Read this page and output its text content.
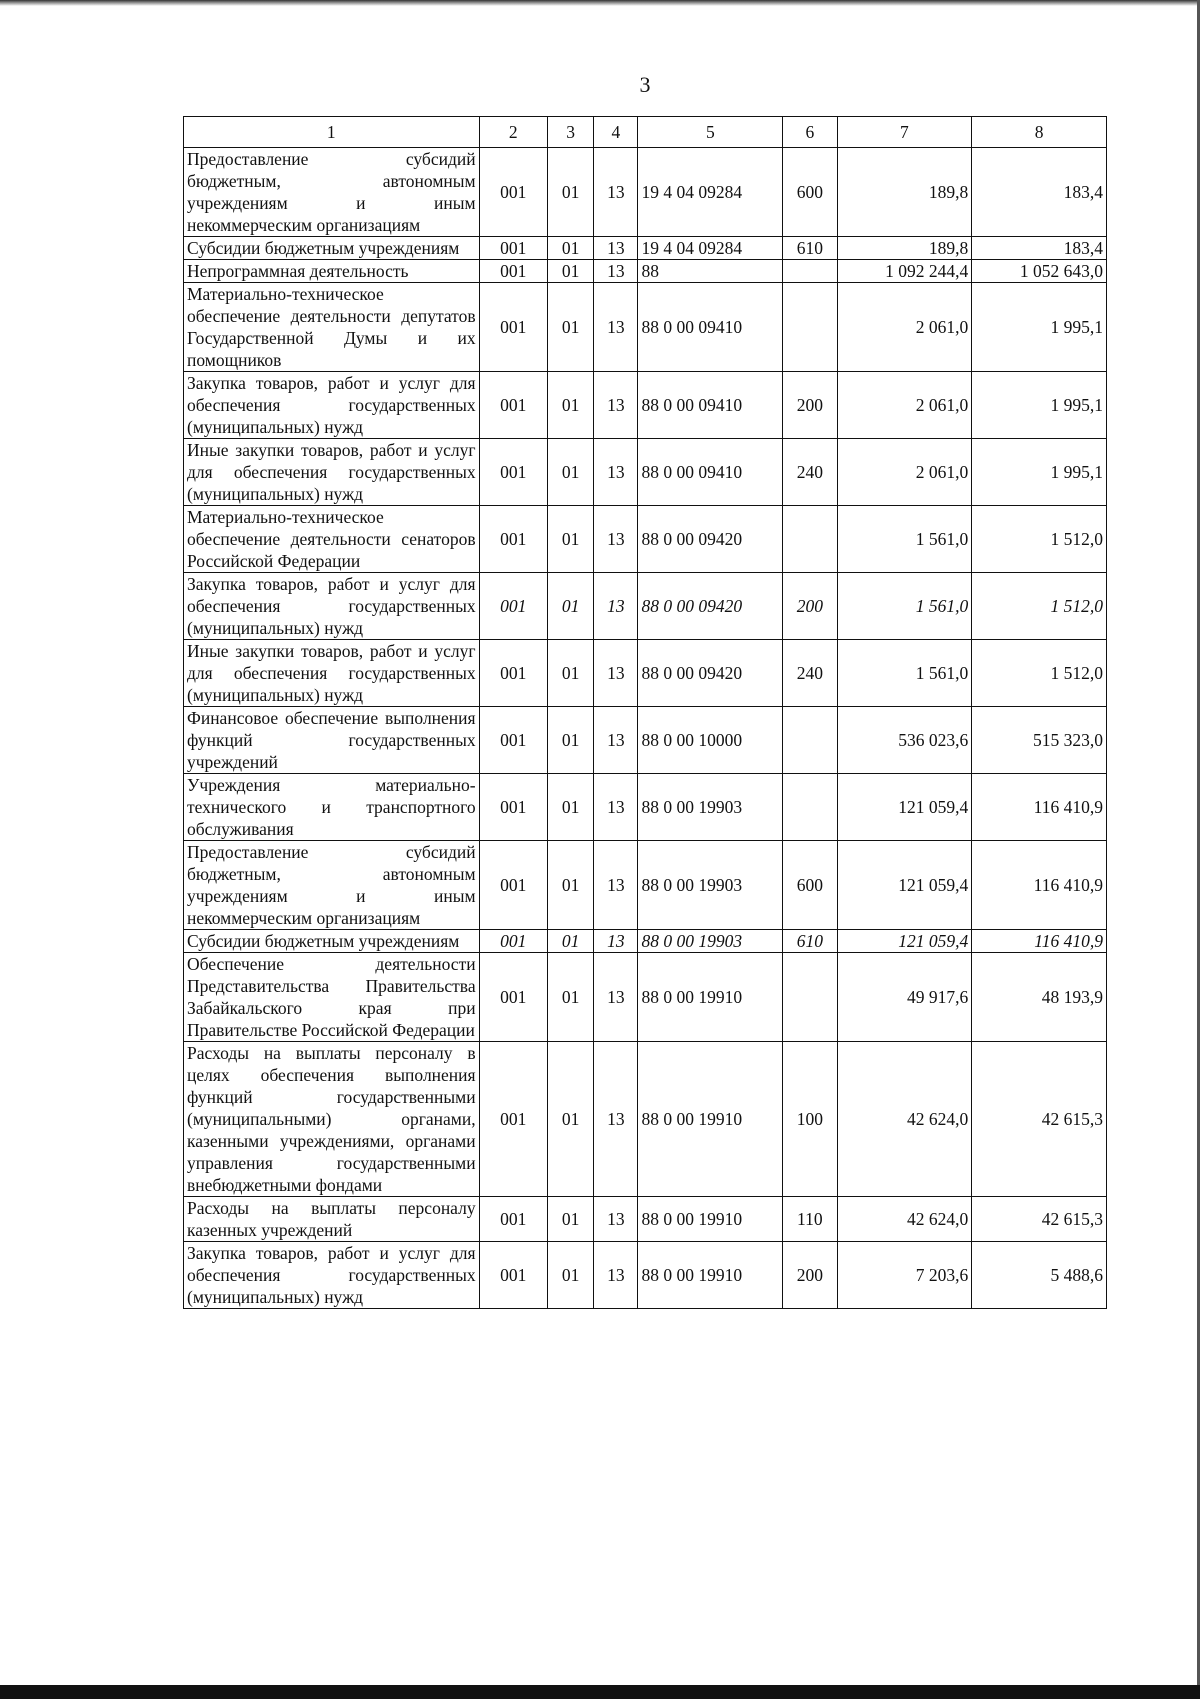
3
1	2	3	4	5	6	7	8
Предоставление субсидий бюджетным, автономным учреждениям и иным некоммерческим организациям	001	01	13	19 4 04 09284	600	189,8	183,4
Субсидии бюджетным учреждениям	001	01	13	19 4 04 09284	610	189,8	183,4
Непрограммная деятельность	001	01	13	88		1 092 244,4	1 052 643,0
Материально-техническое обеспечение деятельности депутатов Государственной Думы и их помощников	001	01	13	88 0 00 09410		2 061,0	1 995,1
Закупка товаров, работ и услуг для обеспечения государственных (муниципальных) нужд	001	01	13	88 0 00 09410	200	2 061,0	1 995,1
Иные закупки товаров, работ и услуг для обеспечения государственных (муниципальных) нужд	001	01	13	88 0 00 09410	240	2 061,0	1 995,1
Материально-техническое обеспечение деятельности сенаторов Российской Федерации	001	01	13	88 0 00 09420		1 561,0	1 512,0
Закупка товаров, работ и услуг для обеспечения государственных (муниципальных) нужд	001	01	13	88 0 00 09420	200	1 561,0	1 512,0
Иные закупки товаров, работ и услуг для обеспечения государственных (муниципальных) нужд	001	01	13	88 0 00 09420	240	1 561,0	1 512,0
Финансовое обеспечение выполнения функций государственных учреждений	001	01	13	88 0 00 10000		536 023,6	515 323,0
Учреждения материально-технического и транспортного обслуживания	001	01	13	88 0 00 19903		121 059,4	116 410,9
Предоставление субсидий бюджетным, автономным учреждениям и иным некоммерческим организациям	001	01	13	88 0 00 19903	600	121 059,4	116 410,9
Субсидии бюджетным учреждениям	001	01	13	88 0 00 19903	610	121 059,4	116 410,9
Обеспечение деятельности Представительства Правительства Забайкальского края при Правительстве Российской Федерации	001	01	13	88 0 00 19910		49 917,6	48 193,9
Расходы на выплаты персоналу в целях обеспечения выполнения функций государственными (муниципальными) органами, казенными учреждениями, органами управления государственными внебюджетными фондами	001	01	13	88 0 00 19910	100	42 624,0	42 615,3
Расходы на выплаты персоналу казенных учреждений	001	01	13	88 0 00 19910	110	42 624,0	42 615,3
Закупка товаров, работ и услуг для обеспечения государственных (муниципальных) нужд	001	01	13	88 0 00 19910	200	7 203,6	5 488,6
